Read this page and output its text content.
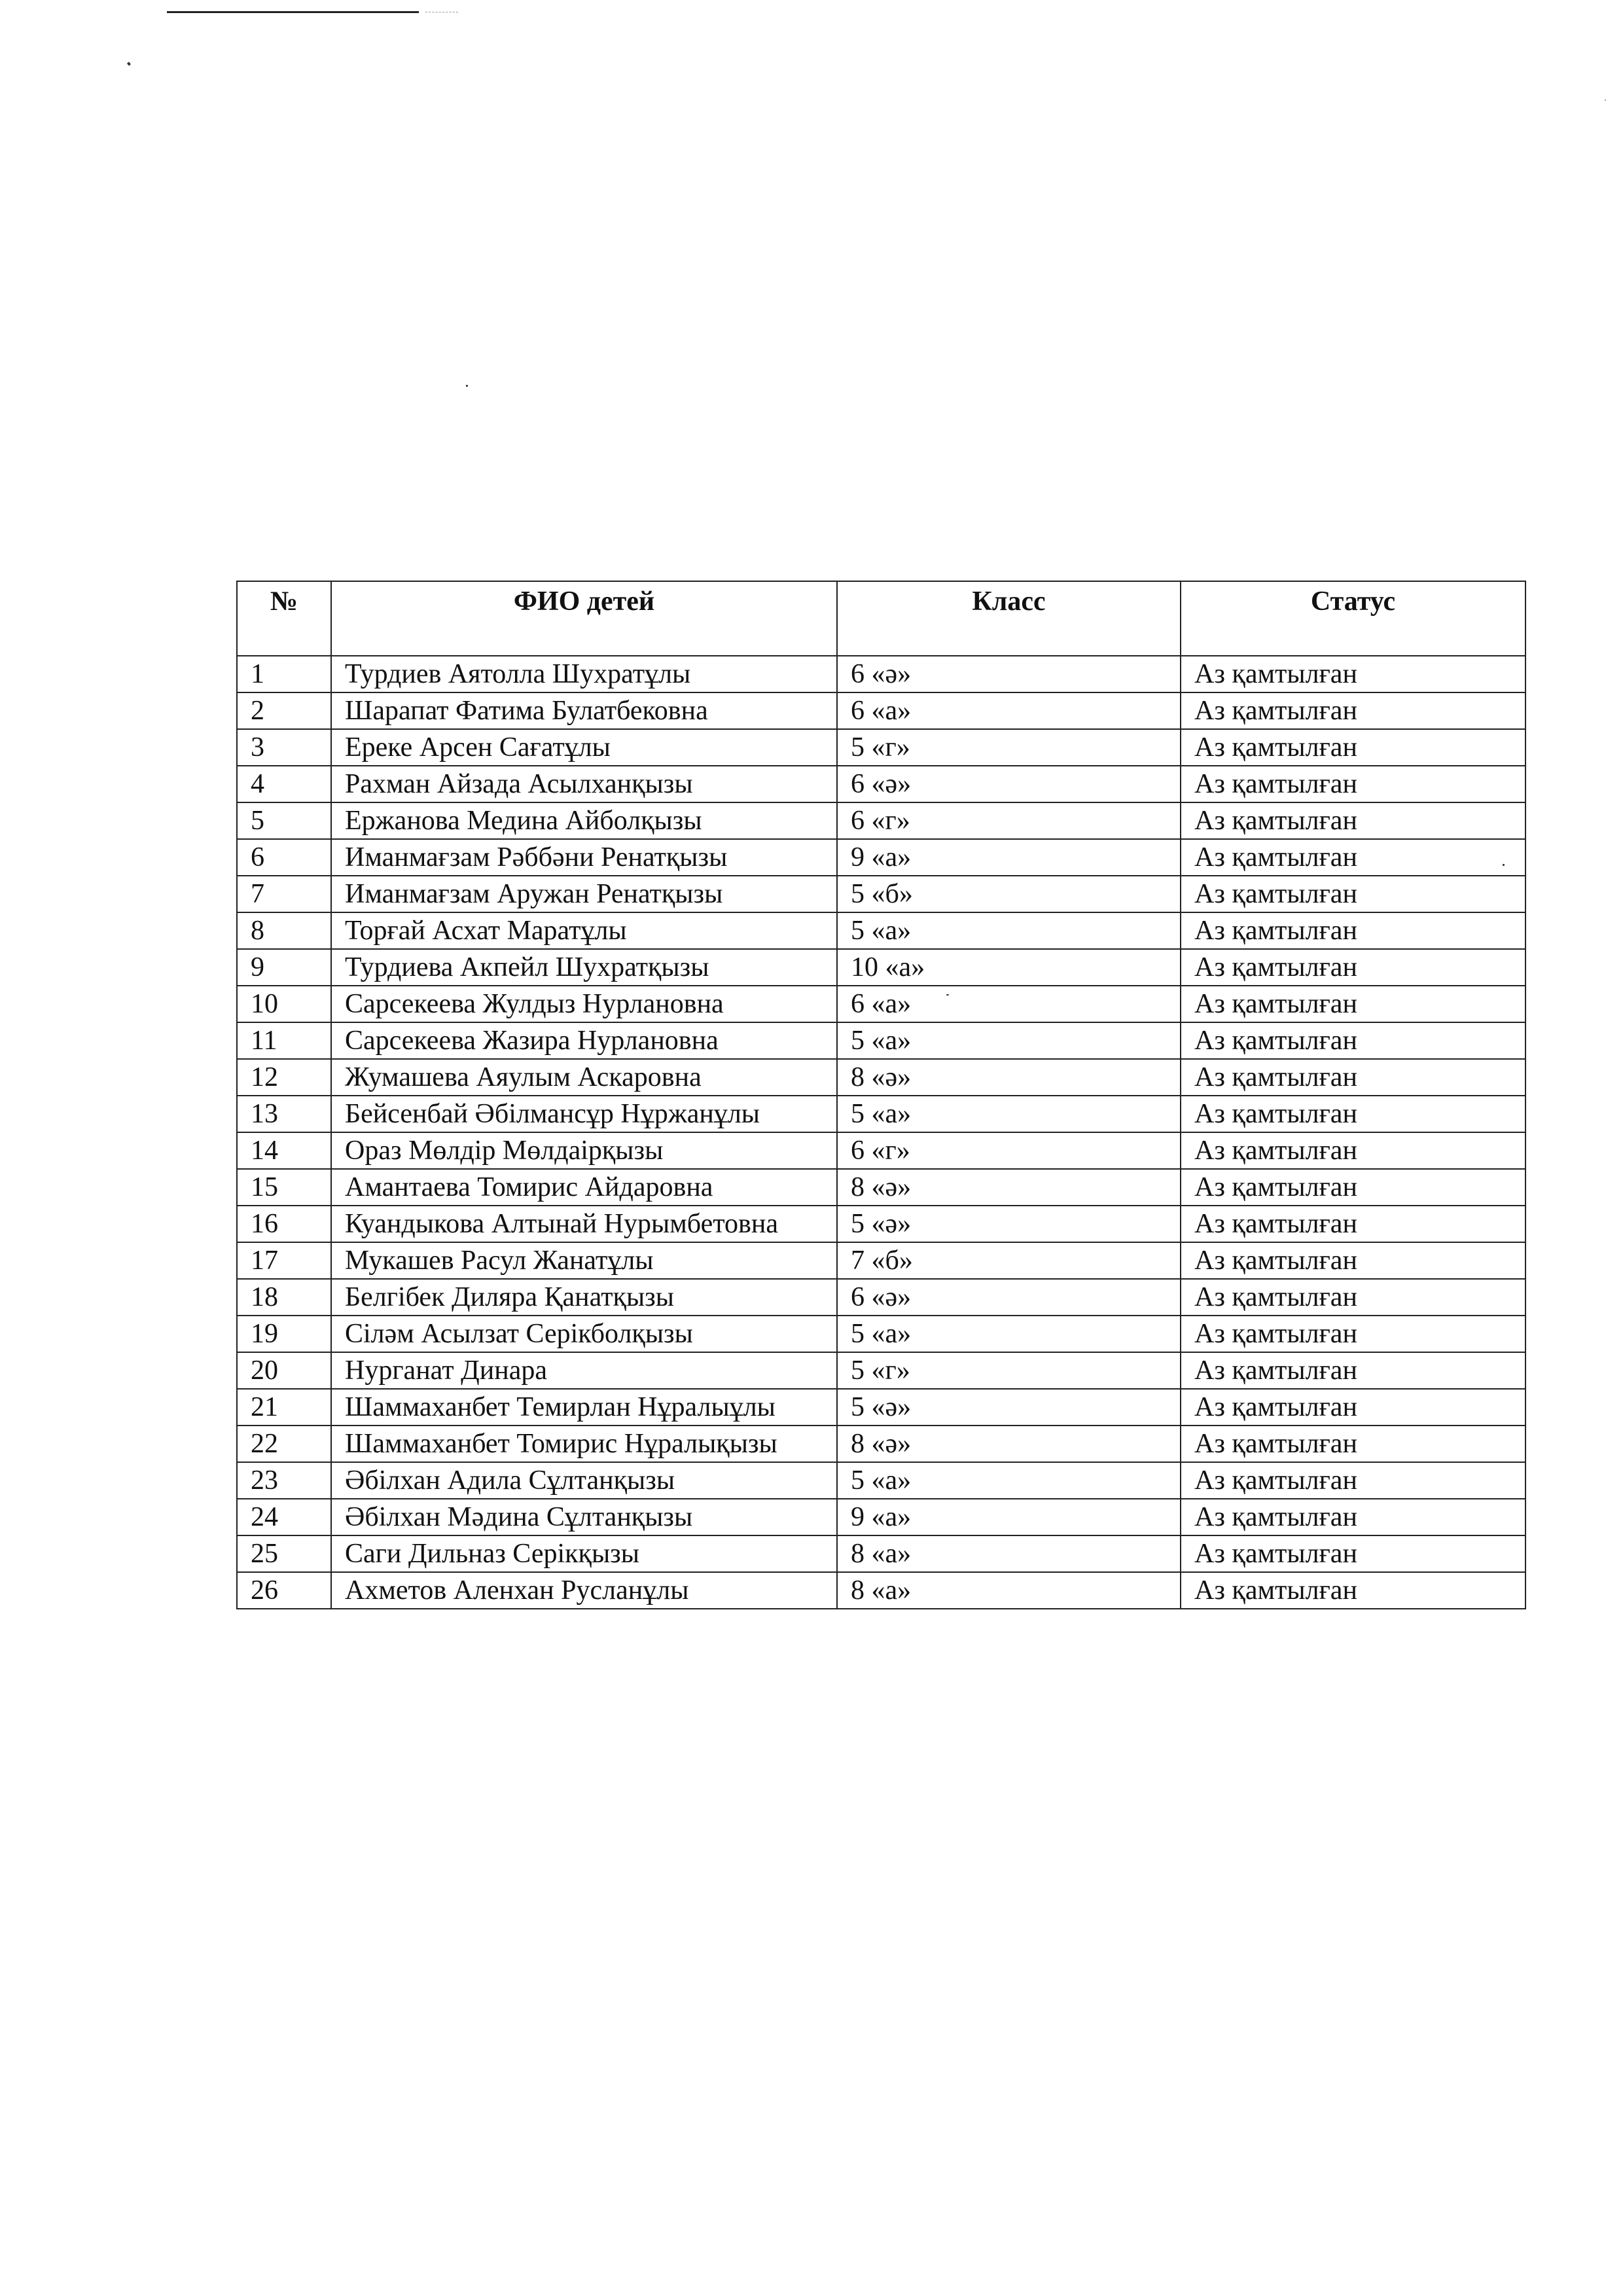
№	ФИО детей	Класс	Статус
1	Турдиев Аятолла Шухратұлы	6 «ә»	Аз қамтылған
2	Шарапат Фатима Булатбековна	6 «а»	Аз қамтылған
3	Ереке Арсен Сағатұлы	5 «г»	Аз қамтылған
4	Рахман Айзада Асылханқызы	6 «ә»	Аз қамтылған
5	Ержанова Медина Айболқызы	6 «г»	Аз қамтылған
6	Иманмағзам Рәббәни Ренатқызы	9 «а»	Аз қамтылған
7	Иманмағзам Аружан Ренатқызы	5 «б»	Аз қамтылған
8	Торғай Асхат Маратұлы	5 «а»	Аз қамтылған
9	Турдиева Акпейл Шухратқызы	10 «а»	Аз қамтылған
10	Сарсекеева Жулдыз Нурлановна	6 «а»	Аз қамтылған
11	Сарсекеева Жазира Нурлановна	5 «а»	Аз қамтылған
12	Жумашева Аяулым Аскаровна	8 «ә»	Аз қамтылған
13	Бейсенбай Әбілмансұр Нұржанұлы	5 «а»	Аз қамтылған
14	Ораз Мөлдір Мөлдаірқызы	6 «г»	Аз қамтылған
15	Амантаева Томирис Айдаровна	8 «ә»	Аз қамтылған
16	Куандыкова Алтынай Нурымбетовна	5 «ә»	Аз қамтылған
17	Мукашев Расул Жанатұлы	7 «б»	Аз қамтылған
18	Белгібек Диляра Қанатқызы	6 «ә»	Аз қамтылған
19	Сіләм Асылзат Серікболқызы	5 «а»	Аз қамтылған
20	Нурганат Динара	5 «г»	Аз қамтылған
21	Шаммаханбет Темирлан Нұралыұлы	5 «ә»	Аз қамтылған
22	Шаммаханбет Томирис Нұралықызы	8 «ә»	Аз қамтылған
23	Әбілхан Адила Сұлтанқызы	5 «а»	Аз қамтылған
24	Әбілхан Мәдина Сұлтанқызы	9 «а»	Аз қамтылған
25	Саги Дильназ Серікқызы	8 «а»	Аз қамтылған
26	Ахметов Аленхан Русланұлы	8 «а»	Аз қамтылған
